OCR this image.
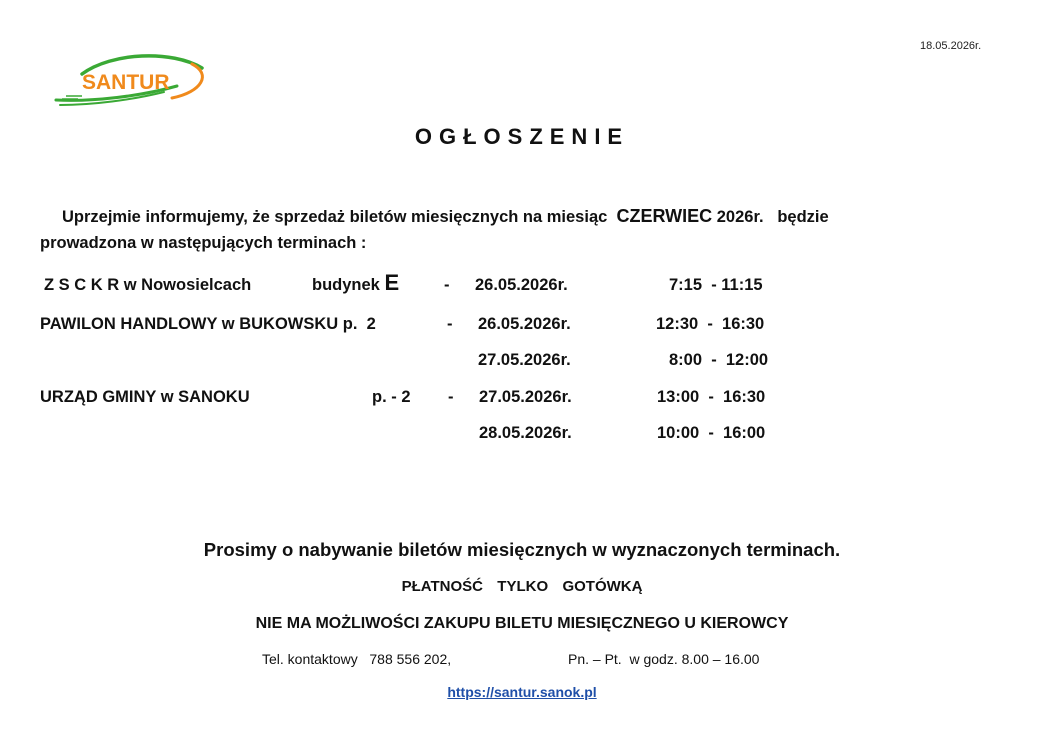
18.05.2026r.
SANTUR
OGŁOSZENIE
Uprzejmie informujemy, że sprzedaż biletów miesięcznych na miesiąc CZERWIEC 2026r. będzie
prowadzona w następujących terminach :
Z S C K R w Nowosielcach	budynek E	- 26.05.2026r.	7:15  - 11:15
PAWILON HANDLOWY w BUKOWSKU p.  2	- 26.05.2026r.	12:30  -  16:30
27.05.2026r.	8:00  -  12:00
URZĄD GMINY w SANOKU	p. - 2 - 27.05.2026r.	13:00  -  16:30
28.05.2026r.	10:00  -  16:00
Prosimy o nabywanie biletów miesięcznych w wyznaczonych terminach.
PŁATNOŚĆ  TYLKO  GOTÓWKĄ
NIE MA MOŻLIWOŚCI ZAKUPU BILETU MIESIĘCZNEGO U KIEROWCY
Tel. kontaktowy   788 556 202,	Pn. – Pt.  w godz. 8.00 – 16.00
https://santur.sanok.pl
